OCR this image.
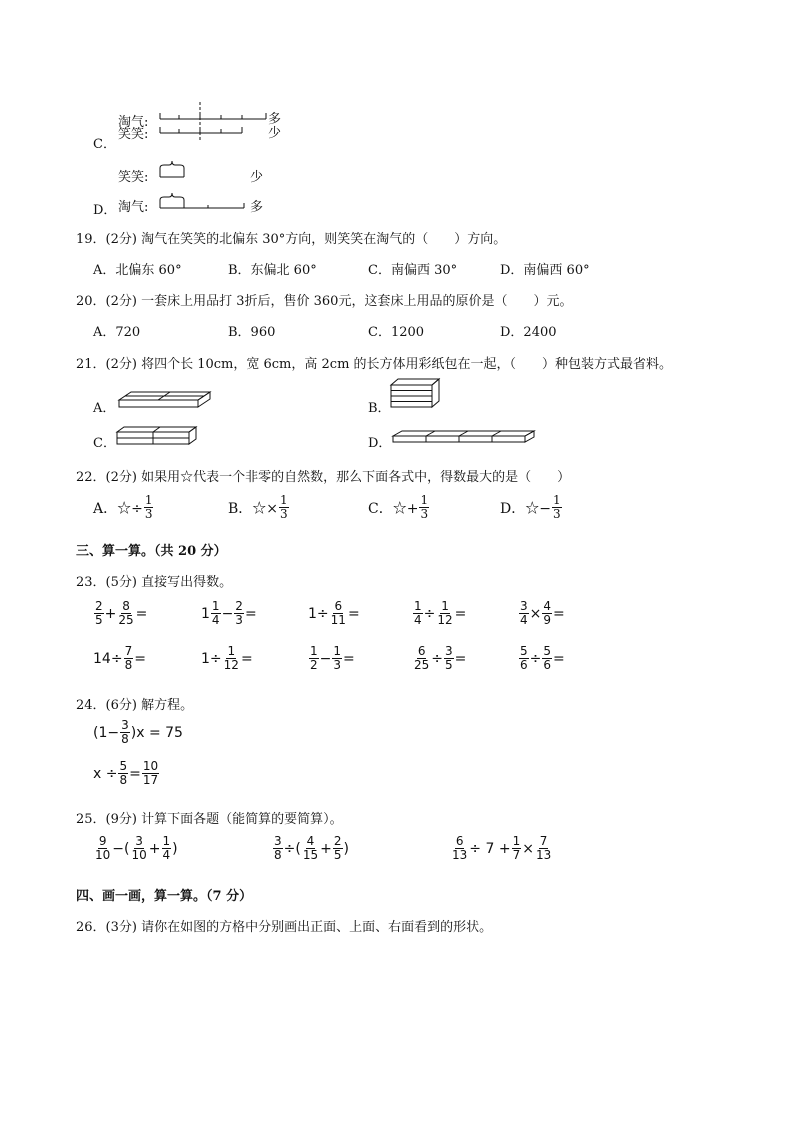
淘气:
笑笑:
多
少
C．
笑笑:	少
D． 淘气:	多
19．(2分) 淘气在笑笑的北偏东 30°方向，则笑笑在淘气的（　　）方向。
A．北偏东 60°	B．东偏北 60°	C．南偏西 30°	D．南偏西 60°
20．(2分) 一套床上用品打 3折后，售价 360元，这套床上用品的原价是（　　）元。
A．720	B．960	C．1200	D．2400
21．(2分) 将四个长 10cm，宽 6cm，高 2cm 的长方体用彩纸包在一起，（　　）种包装方式最省料。
A．	B．
C．	D．
22．(2分) 如果用☆代表一个非零的自然数，那么下面各式中，得数最大的是（　　）
A．☆÷ $\frac{1}{3}$	B．☆× $\frac{1}{3}$	C．☆+ $\frac{1}{3}$	D．☆− $\frac{1}{3}$
三、算一算。（共 20 分）
23．(5分) 直接写出得数。
$\frac{2}{5} + \frac{8}{25}$ =	$1 \frac{1}{4} - \frac{2}{3}$ =	$1 \div \frac{6}{11}$ =	$\frac{1}{4} \div \frac{1}{12}$ =	$\frac{3}{4} \times \frac{4}{9}$ =
$14 \div \frac{7}{8}$ =	$1 \div \frac{1}{12}$ =	$\frac{1}{2} - \frac{1}{3}$ =	$\frac{6}{25} \div \frac{3}{5}$ =	$\frac{5}{6} \div \frac{5}{6}$ =
24．(6分) 解方程。
$(1- \frac{3}{8} )x = 75$
$x \div \frac{5}{8} = \frac{10}{17}$
25．(9分) 计算下面各题（能简算的要简算）。
$\frac{9}{10}$ −( $\frac{3}{10} + \frac{1}{4}$ )	$\frac{3}{8}$ ÷( $\frac{4}{15} + \frac{2}{5}$ )	$\frac{6}{13} \div 7 + \frac{1}{7} \times \frac{7}{13}$
四、画一画，算一算。（7 分）
26．(3分) 请你在如图的方格中分别画出正面、上面、右面看到的形状。
